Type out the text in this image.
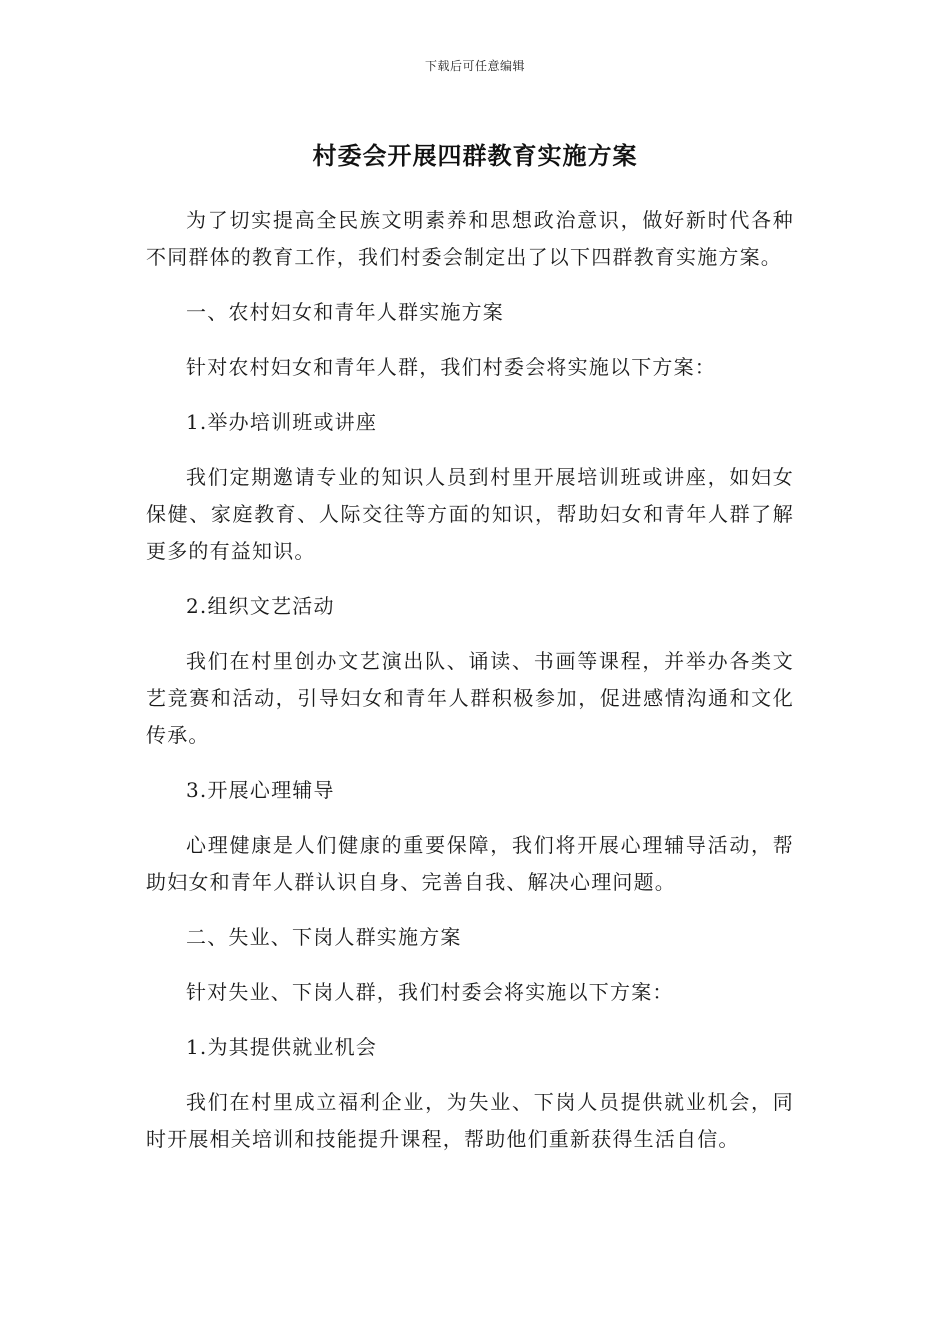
下载后可任意编辑
村委会开展四群教育实施方案

为了切实提高全民族文明素养和思想政治意识，做好新时代各种不同群体的教育工作，我们村委会制定出了以下四群教育实施方案。

一、农村妇女和青年人群实施方案

针对农村妇女和青年人群，我们村委会将实施以下方案：

1.举办培训班或讲座

我们定期邀请专业的知识人员到村里开展培训班或讲座，如妇女保健、家庭教育、人际交往等方面的知识，帮助妇女和青年人群了解更多的有益知识。

2.组织文艺活动

我们在村里创办文艺演出队、诵读、书画等课程，并举办各类文艺竞赛和活动，引导妇女和青年人群积极参加，促进感情沟通和文化传承。

3.开展心理辅导

心理健康是人们健康的重要保障，我们将开展心理辅导活动，帮助妇女和青年人群认识自身、完善自我、解决心理问题。

二、失业、下岗人群实施方案

针对失业、下岗人群，我们村委会将实施以下方案：

1.为其提供就业机会

我们在村里成立福利企业，为失业、下岗人员提供就业机会，同时开展相关培训和技能提升课程，帮助他们重新获得生活自信。
